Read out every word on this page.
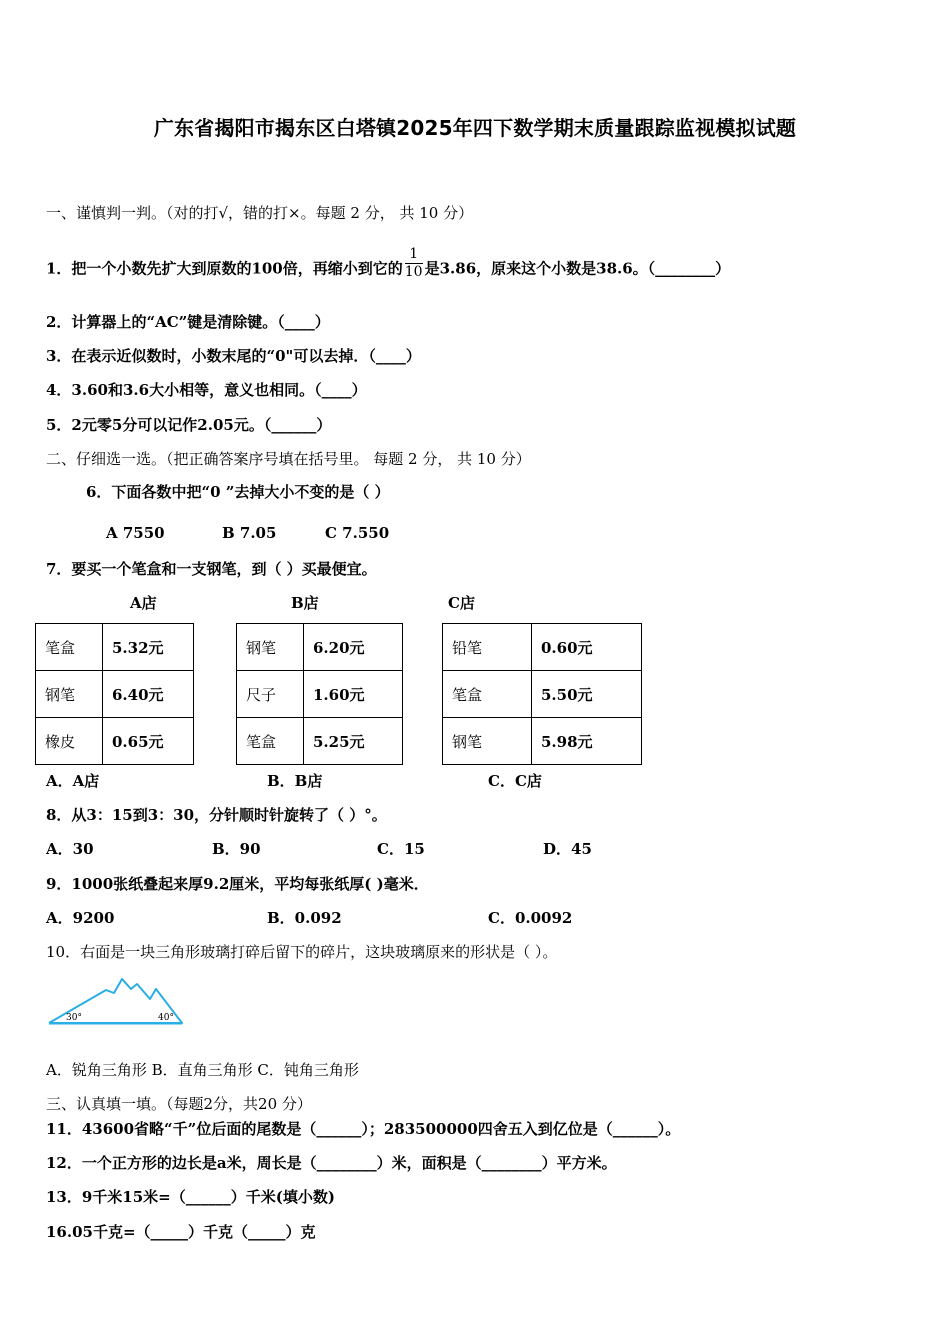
广东省揭阳市揭东区白塔镇2025年四下数学期末质量跟踪监视模拟试题
一、谨慎判一判。（对的打√，错的打×。每题 2 分， 共 10 分）
1．把一个小数先扩大到原数的100倍，再缩小到它的 $\frac{1}{10}$ 是3.86，原来这个小数是38.6。（________）
2．计算器上的“AC”键是清除键。（____）
3．在表示近似数时，小数末尾的“0"可以去掉．（____）
4．3.60和3.6大小相等，意义也相同。（____）
5．2元零5分可以记作2.05元。（______）
二、仔细选一选。（把正确答案序号填在括号里。 每题 2 分， 共 10 分）
6．下面各数中把“0 ”去掉大小不变的是（ ）
A 7550	B 7.05	C 7.550
7．要买一个笔盒和一支钢笔，到（ ）买最便宜。
A店	B店	C店
笔盒	5.32元
钢笔	6.40元
橡皮	0.65元
钢笔	6.20元
尺子	1.60元
笔盒	5.25元
铅笔	0.60元
笔盒	5.50元
钢笔	5.98元
A．A店	B．B店	C．C店
8．从3：15到3：30，分针顺时针旋转了（ ）°。
A．30	B．90	C．15	D．45
9．1000张纸叠起来厚9.2厘米，平均每张纸厚( )毫米．
A．9200	B．0.092	C．0.0092
10．右面是一块三角形玻璃打碎后留下的碎片，这块玻璃原来的形状是（ ）。
30°	40°
A．锐角三角形 B．直角三角形 C．钝角三角形
三、认真填一填。（每题2分，共20 分）
11．43600省略“千”位后面的尾数是（______）；283500000四舍五入到亿位是（______）。
12．一个正方形的边长是a米，周长是（________）米，面积是（________）平方米。
13．9千米15米=（______）千米(填小数)
16.05千克=（_____）千克（_____）克
